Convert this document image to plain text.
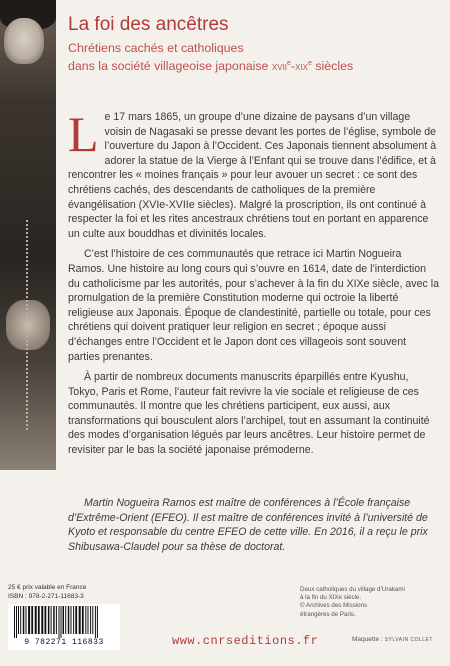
La foi des ancêtres
Chrétiens cachés et catholiques
dans la société villageoise japonaise XVIIe-XIXe siècles

Le 17 mars 1865, un groupe d’une dizaine de paysans d’un village voisin de Nagasaki se presse devant les portes de l’église, symbole de l’ouverture du Japon à l’Occident. Ces Japonais tiennent absolument à adorer la statue de la Vierge à l’Enfant qui se trouve dans l’édifice, et à rencontrer les « moines français » pour leur avouer un secret : ce sont des chrétiens cachés, des descendants de catholiques de la première évangélisation (XVIe-XVIIe siècles). Malgré la proscription, ils ont continué à respecter la foi et les rites ancestraux chrétiens tout en portant en apparence un culte aux bouddhas et divinités locales.

C’est l’histoire de ces communautés que retrace ici Martin Nogueira Ramos. Une histoire au long cours qui s’ouvre en 1614, date de l’interdiction du catholicisme par les autorités, pour s’achever à la fin du XIXe siècle, avec la promulgation de la première Constitution moderne qui octroie la liberté religieuse aux Japonais. Époque de clandestinité, partielle ou totale, pour ces chrétiens qui doivent pratiquer leur religion en secret ; époque aussi d’échanges entre l’Occident et le Japon dont ces villageois sont souvent parties prenantes.

À partir de nombreux documents manuscrits éparpillés entre Kyushu, Tokyo, Paris et Rome, l’auteur fait revivre la vie sociale et religieuse de ces communautés. Il montre que les chrétiens participent, eux aussi, aux transformations qui bousculent alors l’archipel, tout en assumant la continuité des modes d’organisation légués par leurs ancêtres. Leur histoire permet de revisiter par le bas la société japonaise prémoderne.

Martin Nogueira Ramos est maître de conférences à l’École française d’Extrême-Orient (EFEO). Il est maître de conférences invité à l’université de Kyoto et responsable du centre EFEO de cette ville. En 2016, il a reçu le prix Shibusawa-Claudel pour sa thèse de doctorat.

25 € prix valable en France
ISBN : 978-2-271-11683-3
9 782271 116833
Deux catholiques du village d’Urakami
à la fin du XIXe siècle.
© Archives des Missions
étrangères de Paris.
www.cnrseditions.fr	Maquette : SYLVAIN COLLET
